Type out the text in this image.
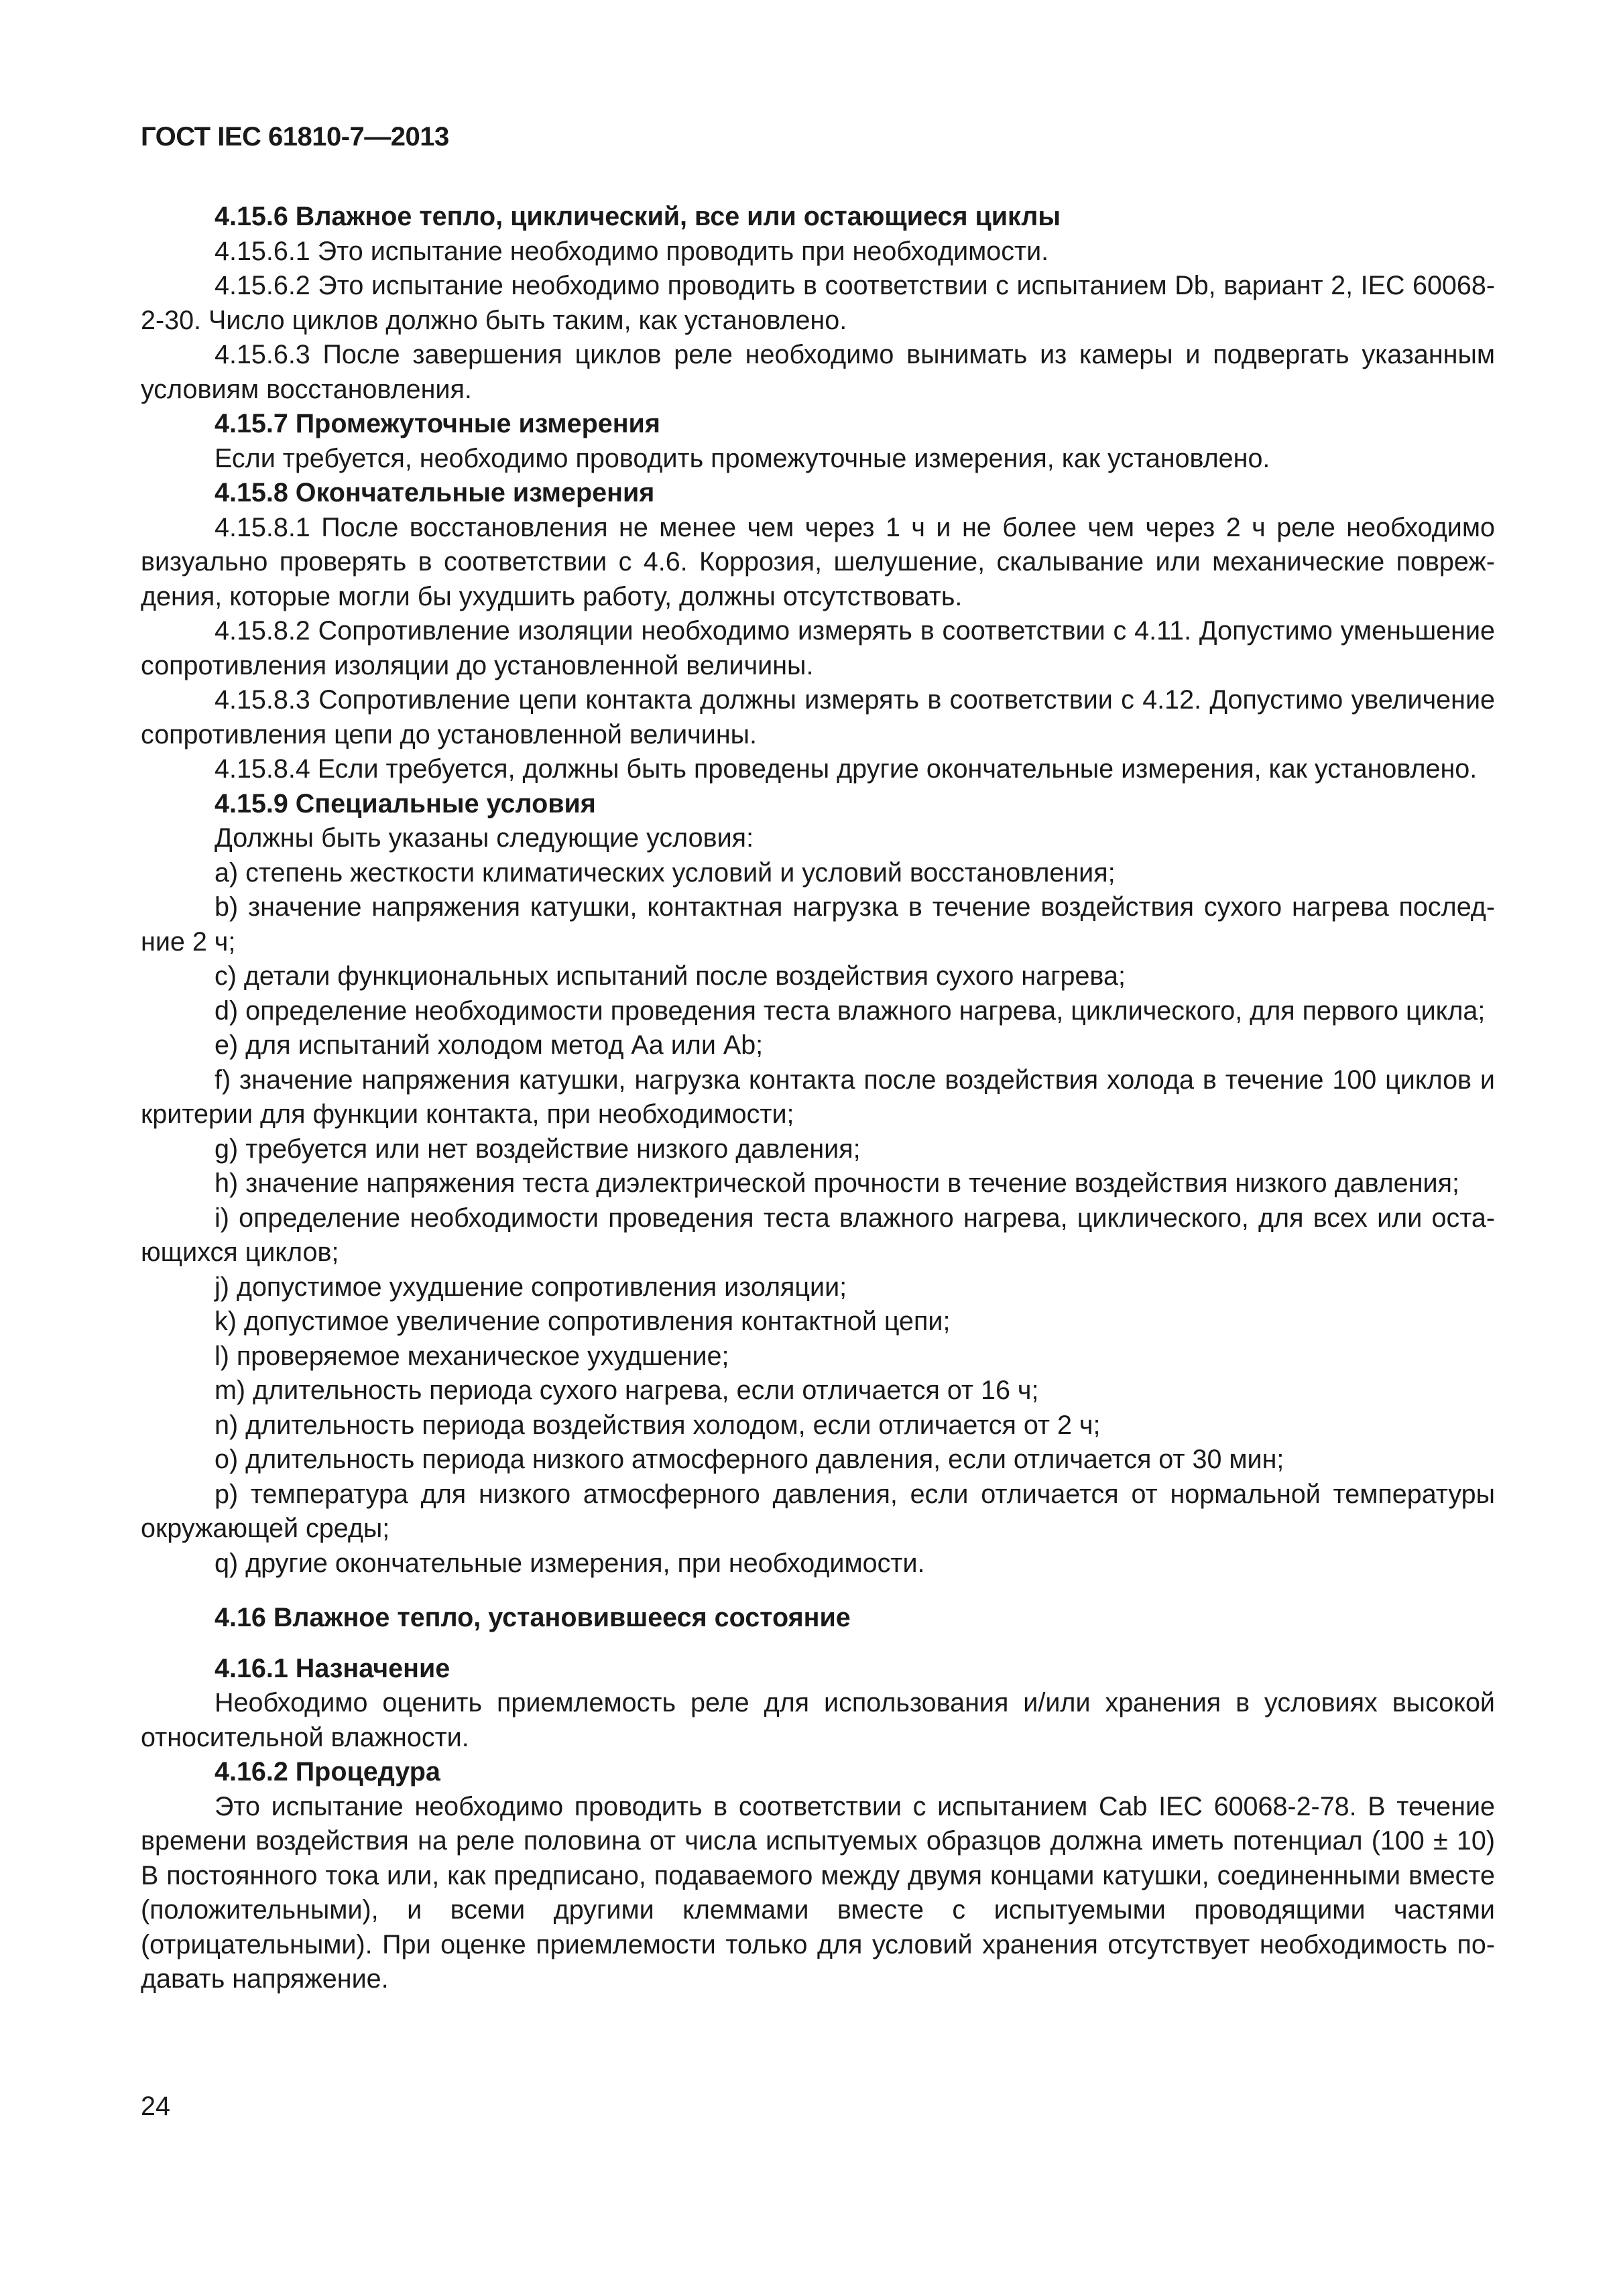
ГОСТ IEC 61810-7—2013

4.15.6 Влажное тепло, циклический, все или остающиеся циклы

4.15.6.1 Это испытание необходимо проводить при необходимости.

4.15.6.2 Это испытание необходимо проводить в соответствии с испытанием Db, вариант 2, IEC 60068-2-30. Число циклов должно быть таким, как установлено.

4.15.6.3 После завершения циклов реле необходимо вынимать из камеры и подвергать указанным условиям восстановления.

4.15.7 Промежуточные измерения

Если требуется, необходимо проводить промежуточные измерения, как установлено.

4.15.8 Окончательные измерения

4.15.8.1 После восстановления не менее чем через 1 ч и не более чем через 2 ч реле необходимо визуально проверять в соответствии с 4.6. Коррозия, шелушение, скалывание или механические повреждения, которые могли бы ухудшить работу, должны отсутствовать.

4.15.8.2 Сопротивление изоляции необходимо измерять в соответствии с 4.11. Допустимо уменьшение сопротивления изоляции до установленной величины.

4.15.8.3 Сопротивление цепи контакта должны измерять в соответствии с 4.12. Допустимо увеличение сопротивления цепи до установленной величины.

4.15.8.4 Если требуется, должны быть проведены другие окончательные измерения, как установлено.

4.15.9 Специальные условия

Должны быть указаны следующие условия:

a) степень жесткости климатических условий и условий восстановления;

b) значение напряжения катушки, контактная нагрузка в течение воздействия сухого нагрева последние 2 ч;

c) детали функциональных испытаний после воздействия сухого нагрева;

d) определение необходимости проведения теста влажного нагрева, циклического, для первого цикла;

e) для испытаний холодом метод Aa или Ab;

f) значение напряжения катушки, нагрузка контакта после воздействия холода в течение 100 циклов и критерии для функции контакта, при необходимости;

g) требуется или нет воздействие низкого давления;

h) значение напряжения теста диэлектрической прочности в течение воздействия низкого давления;

i) определение необходимости проведения теста влажного нагрева, циклического, для всех или остающихся циклов;

j) допустимое ухудшение сопротивления изоляции;

k) допустимое увеличение сопротивления контактной цепи;

l) проверяемое механическое ухудшение;

m) длительность периода сухого нагрева, если отличается от 16 ч;

n) длительность периода воздействия холодом, если отличается от 2 ч;

o) длительность периода низкого атмосферного давления, если отличается от 30 мин;

p) температура для низкого атмосферного давления, если отличается от нормальной температуры окружающей среды;

q) другие окончательные измерения, при необходимости.

4.16 Влажное тепло, установившееся состояние

4.16.1 Назначение

Необходимо оценить приемлемость реле для использования и/или хранения в условиях высокой относительной влажности.

4.16.2 Процедура

Это испытание необходимо проводить в соответствии с испытанием Cab IEC 60068-2-78. В течение времени воздействия на реле половина от числа испытуемых образцов должна иметь потенциал (100 ± 10) В постоянного тока или, как предписано, подаваемого между двумя концами катушки, соединенными вместе (положительными), и всеми другими клеммами вместе с испытуемыми проводящими частями (отрицательными). При оценке приемлемости только для условий хранения отсутствует необходимость подавать напряжение.

24
